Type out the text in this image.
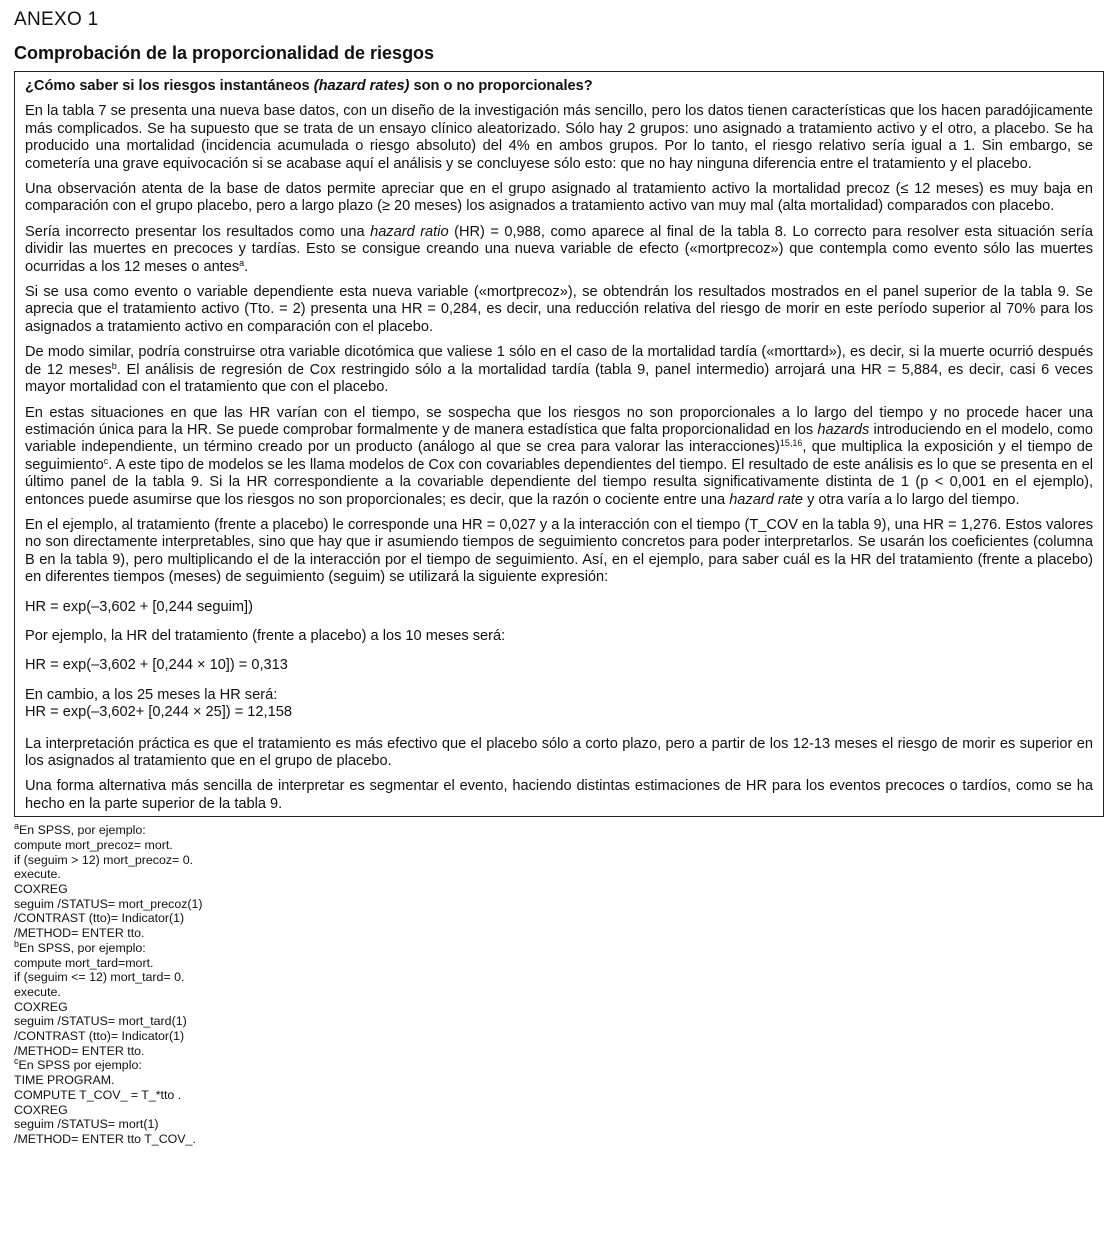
ANEXO 1
Comprobación de la proporcionalidad de riesgos

¿Cómo saber si los riesgos instantáneos (hazard rates) son o no proporcionales?

En la tabla 7 se presenta una nueva base datos, con un diseño de la investigación más sencillo, pero los datos tienen características que los hacen paradójicamente más complicados. Se ha supuesto que se trata de un ensayo clínico aleatorizado. Sólo hay 2 grupos: uno asignado a tratamiento activo y el otro, a placebo. Se ha producido una mortalidad (incidencia acumulada o riesgo absoluto) del 4% en ambos grupos. Por lo tanto, el riesgo relativo sería igual a 1. Sin embargo, se cometería una grave equivocación si se acabase aquí el análisis y se concluyese sólo esto: que no hay ninguna diferencia entre el tratamiento y el placebo.

Una observación atenta de la base de datos permite apreciar que en el grupo asignado al tratamiento activo la mortalidad precoz (≤ 12 meses) es muy baja en comparación con el grupo placebo, pero a largo plazo (≥ 20 meses) los asignados a tratamiento activo van muy mal (alta mortalidad) comparados con placebo.

Sería incorrecto presentar los resultados como una hazard ratio (HR) = 0,988, como aparece al final de la tabla 8. Lo correcto para resolver esta situación sería dividir las muertes en precoces y tardías. Esto se consigue creando una nueva variable de efecto («mortprecoz») que contempla como evento sólo las muertes ocurridas a los 12 meses o antes$^a$.

Si se usa como evento o variable dependiente esta nueva variable («mortprecoz»), se obtendrán los resultados mostrados en el panel superior de la tabla 9. Se aprecia que el tratamiento activo (Tto. = 2) presenta una HR = 0,284, es decir, una reducción relativa del riesgo de morir en este período superior al 70% para los asignados a tratamiento activo en comparación con el placebo.

De modo similar, podría construirse otra variable dicotómica que valiese 1 sólo en el caso de la mortalidad tardía («morttard»), es decir, si la muerte ocurrió después de 12 meses$^b$. El análisis de regresión de Cox restringido sólo a la mortalidad tardía (tabla 9, panel intermedio) arrojará una HR = 5,884, es decir, casi 6 veces mayor mortalidad con el tratamiento que con el placebo.

En estas situaciones en que las HR varían con el tiempo, se sospecha que los riesgos no son proporcionales a lo largo del tiempo y no procede hacer una estimación única para la HR. Se puede comprobar formalmente y de manera estadística que falta proporcionalidad en los hazards introduciendo en el modelo, como variable independiente, un término creado por un producto (análogo al que se crea para valorar las interacciones)$^{15,16}$, que multiplica la exposición y el tiempo de seguimiento$^c$. A este tipo de modelos se les llama modelos de Cox con covariables dependientes del tiempo. El resultado de este análisis es lo que se presenta en el último panel de la tabla 9. Si la HR correspondiente a la covariable dependiente del tiempo resulta significativamente distinta de 1 (p < 0,001 en el ejemplo), entonces puede asumirse que los riesgos no son proporcionales; es decir, que la razón o cociente entre una hazard rate y otra varía a lo largo del tiempo.

En el ejemplo, al tratamiento (frente a placebo) le corresponde una HR = 0,027 y a la interacción con el tiempo (T_COV en la tabla 9), una HR = 1,276. Estos valores no son directamente interpretables, sino que hay que ir asumiendo tiempos de seguimiento concretos para poder interpretarlos. Se usarán los coeficientes (columna B en la tabla 9), pero multiplicando el de la interacción por el tiempo de seguimiento. Así, en el ejemplo, para saber cuál es la HR del tratamiento (frente a placebo) en diferentes tiempos (meses) de seguimiento (seguim) se utilizará la siguiente expresión:

HR = exp(–3,602 + [0,244 seguim])

Por ejemplo, la HR del tratamiento (frente a placebo) a los 10 meses será:

HR = exp(–3,602 + [0,244 × 10]) = 0,313

En cambio, a los 25 meses la HR será:

HR = exp(–3,602+ [0,244 × 25]) = 12,158

La interpretación práctica es que el tratamiento es más efectivo que el placebo sólo a corto plazo, pero a partir de los 12-13 meses el riesgo de morir es superior en los asignados al tratamiento que en el grupo de placebo.

Una forma alternativa más sencilla de interpretar es segmentar el evento, haciendo distintas estimaciones de HR para los eventos precoces o tardíos, como se ha hecho en la parte superior de la tabla 9.

$^a$En SPSS, por ejemplo:
compute mort_precoz= mort.
if (seguim > 12) mort_precoz= 0.
execute.
COXREG
seguim /STATUS= mort_precoz(1)
/CONTRAST (tto)= Indicator(1)
/METHOD= ENTER tto.
$^b$En SPSS, por ejemplo:
compute mort_tard=mort.
if (seguim <= 12) mort_tard= 0.
execute.
COXREG
seguim /STATUS= mort_tard(1)
/CONTRAST (tto)= Indicator(1)
/METHOD= ENTER tto.
$^c$En SPSS por ejemplo:
TIME PROGRAM.
COMPUTE T_COV_ = T_*tto .
COXREG
seguim /STATUS= mort(1)
/METHOD= ENTER tto T_COV_.
